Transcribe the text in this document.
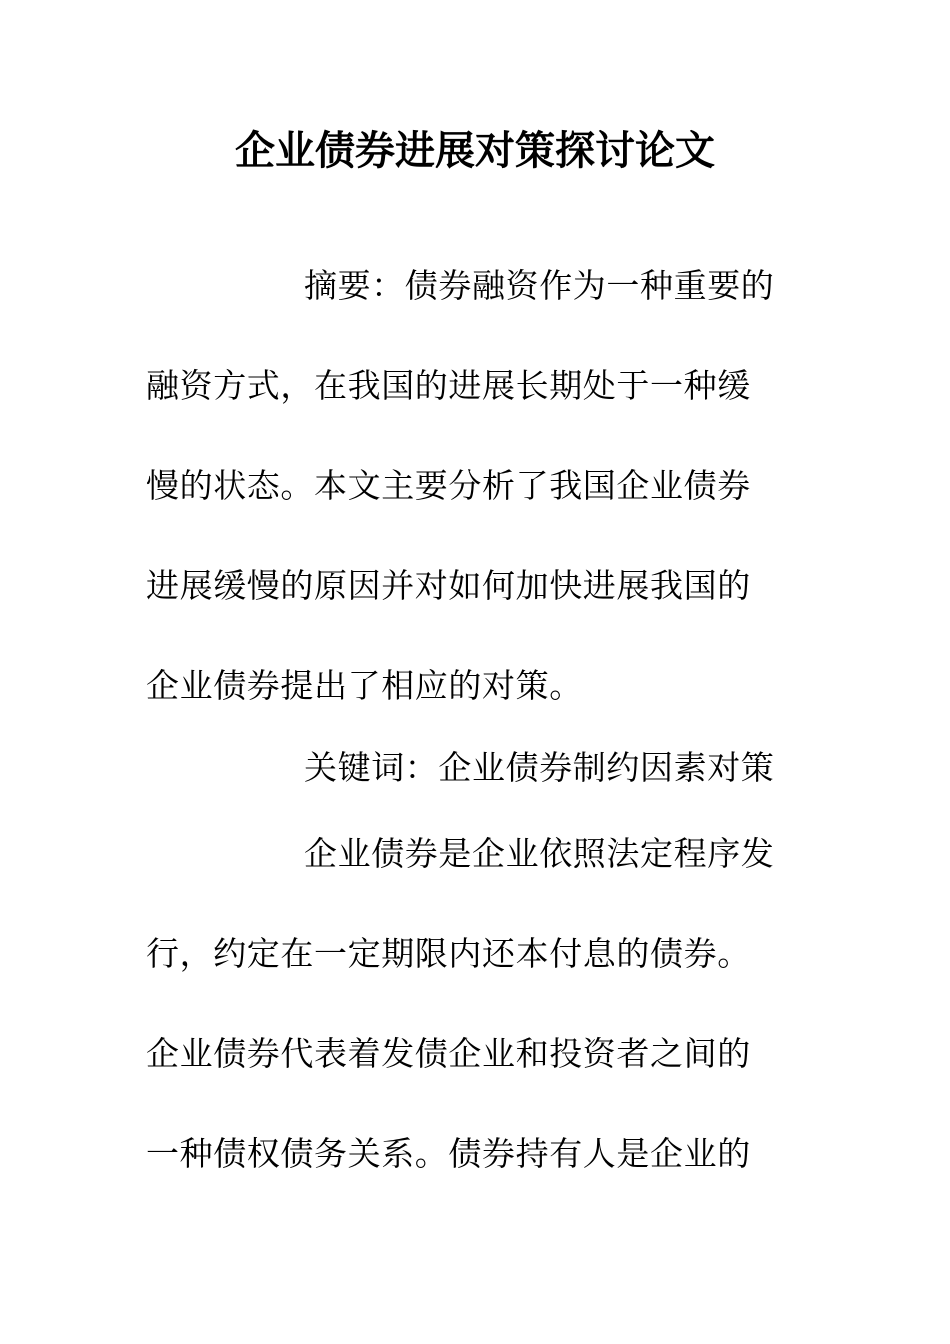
企业债券进展对策探讨论文
摘要：债券融资作为一种重要的
融资方式，在我国的进展长期处于一种缓
慢的状态。本文主要分析了我国企业债券
进展缓慢的原因并对如何加快进展我国的
企业债券提出了相应的对策。
关键词：企业债券制约因素对策
企业债券是企业依照法定程序发
行，约定在一定期限内还本付息的债券。
企业债券代表着发债企业和投资者之间的
一种债权债务关系。债券持有人是企业的
